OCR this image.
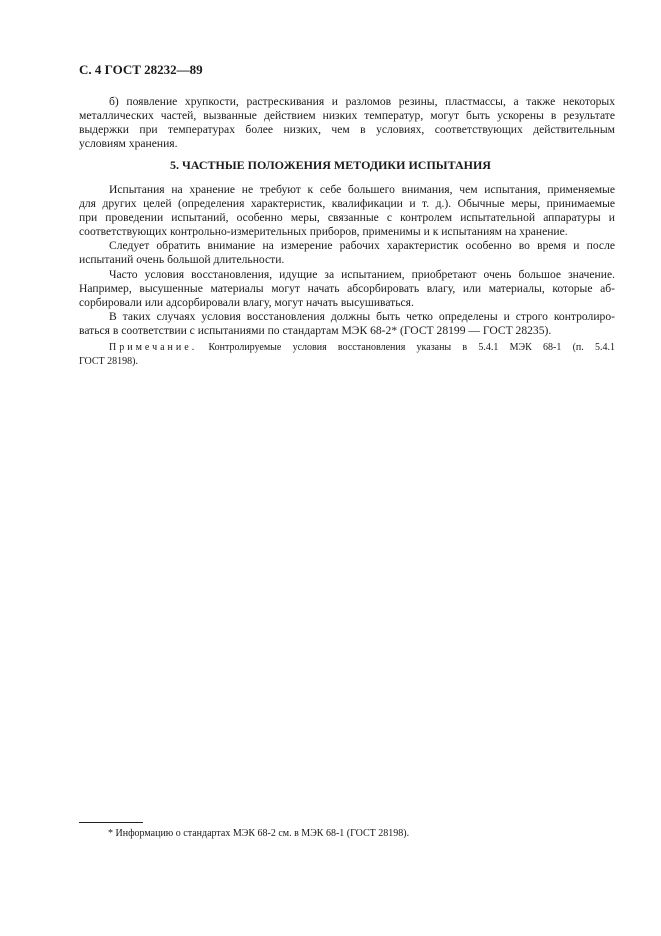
С. 4 ГОСТ 28232—89
б) появление хрупкости, растрескивания и разломов резины, пластмассы, а также некоторых
металлических частей, вызванные действием низких температур, могут быть ускорены в результате
выдержки при температурах более низких, чем в условиях, соответствующих действительным
условиям хранения.
5. ЧАСТНЫЕ ПОЛОЖЕНИЯ МЕТОДИКИ ИСПЫТАНИЯ
Испытания на хранение не требуют к себе большего внимания, чем испытания, применяемые
для других целей (определения характеристик, квалификации и т. д.). Обычные меры, принимаемые
при проведении испытаний, особенно меры, связанные с контролем испытательной аппаратуры и
соответствующих контрольно-измерительных приборов, применимы и к испытаниям на хранение.
Следует обратить внимание на измерение рабочих характеристик особенно во время и после
испытаний очень большой длительности.
Часто условия восстановления, идущие за испытанием, приобретают очень большое значение.
Например, высушенные материалы могут начать абсорбировать влагу, или материалы, которые аб-
сорбировали или адсорбировали влагу, могут начать высушиваться.
В таких случаях условия восстановления должны быть четко определены и строго контролиро-
ваться в соответствии с испытаниями по стандартам МЭК 68-2* (ГОСТ 28199 — ГОСТ 28235).
Примечание. Контролируемые условия восстановления указаны в 5.4.1 МЭК 68-1 (п. 5.4.1
ГОСТ 28198).
* Информацию о стандартах МЭК 68-2 см. в МЭК 68-1 (ГОСТ 28198).
